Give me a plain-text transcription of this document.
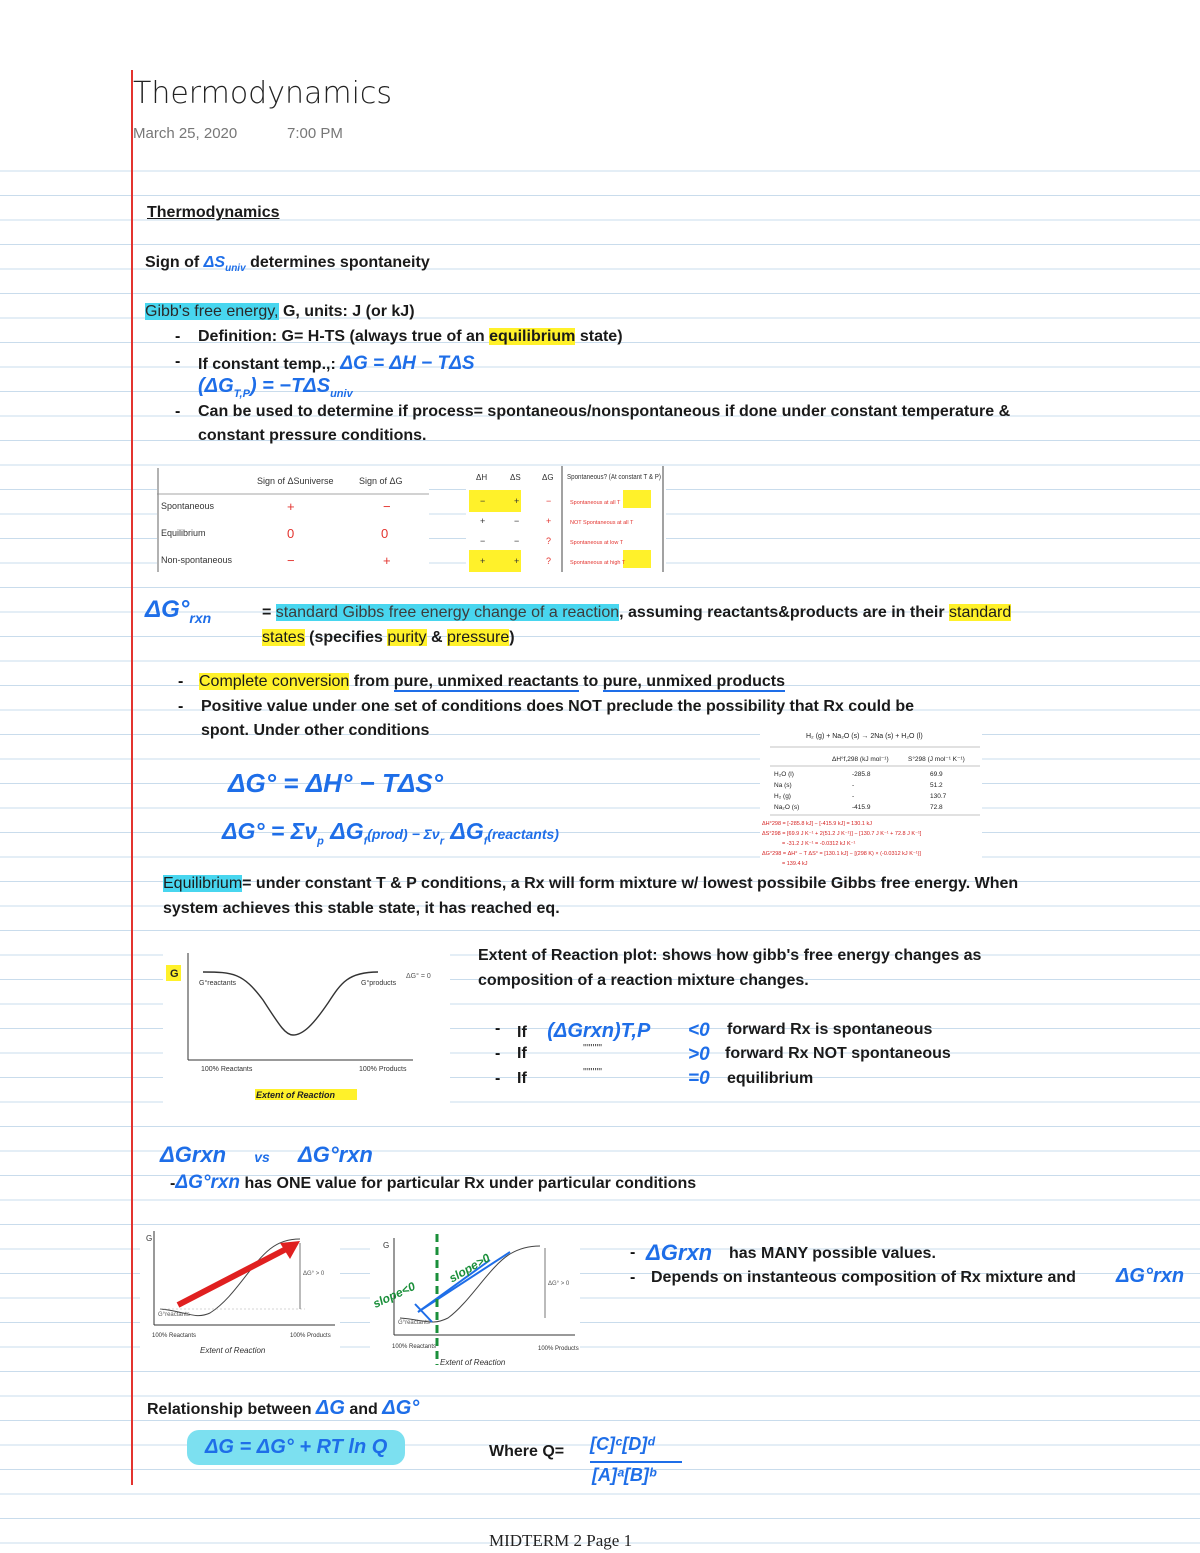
Thermodynamics
March 25, 2020	7:00 PM
Thermodynamics
Sign of $\Delta S_{univ}$ determines spontaneity
Gibb's free energy, G, units: J (or kJ)
- Definition: G= H-TS (always true of an equilibrium state)
- If constant temp.,: ΔG = ΔH − TΔS
$(\Delta G_{T,P}) = -T\Delta S_{univ}$
- Can be used to determine if process= spontaneous/nonspontaneous if done under constant temperature &
constant pressure conditions.
Sign of ΔSuniverse	Sign of ΔG
Spontaneous	+	−
Equilibrium	0	0
Non-spontaneous	−	+
ΔH	ΔS	ΔG Spontaneous? (At constant T & P)
−	+	−	Spontaneous at all T
+	−	+	NOT Spontaneous at all T
−	−	?	Spontaneous at low T
+	+	?	Spontaneous at high T
$\Delta G^\circ_{rxn}$	= standard Gibbs free energy change of a reaction, assuming reactants&products are in their standard
states (specifies purity & pressure)
- Complete conversion from pure, unmixed reactants to pure, unmixed products
- Positive value under one set of conditions does NOT preclude the possibility that Rx could be
spont. Under other conditions
ΔG° = ΔH° − TΔS°
$\Delta G^\circ = \Sigma\nu_p$ $\Delta G_f(prod) - \Sigma\nu_r$ $\Delta G_f(reactants)$
H₂ (g) + Na₂O (s) → 2Na (s) + H₂O (l)
ΔH°f,298 (kJ mol⁻¹)	S°298 (J mol⁻¹ K⁻¹)
H₂O (l)	-285.8	69.9
Na (s)	-	51.2
H₂ (g)	-	130.7
Na₂O (s)	-415.9	72.8
ΔH°298 = [-285.8 kJ] − [-415.9 kJ] = 130.1 kJ
ΔS°298 = [69.9 J K⁻¹ + 2(51.2 J K⁻¹)] − [130.7 J K⁻¹ + 72.8 J K⁻¹]
= -31.2 J K⁻¹ = -0.0312 kJ K⁻¹
ΔG°298 = ΔH° − T ΔS° = [130.1 kJ] − [(298 K) × (-0.0312 kJ K⁻¹)]
= 139.4 kJ
Equilibrium= under constant T & P conditions, a Rx will form mixture w/ lowest possibile Gibbs free energy. When
system achieves this stable state, it has reached eq.
G
G°reactants	G°products
ΔG° = 0
100% Reactants	100% Products
Extent of Reaction
Extent of Reaction plot: shows how gibb's free energy changes as
composition of a reaction mixture changes.
- If (ΔGrxn)T,P <0 forward Rx is spontaneous
- If	''''''''''	>0 forward Rx NOT spontaneous
- If	''''''''''	=0 equilibrium
ΔGrxn vs ΔG°rxn
-ΔG°rxn has ONE value for particular Rx under particular conditions
G
ΔG° > 0
G°reactants
100% Reactants	100% Products
Extent of Reaction
G
ΔG° > 0
G°reactants
slope<0
slope>0
100% Reactants	100% Products
Extent of Reaction
- ΔGrxn has MANY possible values.
- Depends on instanteous composition of Rx mixture and ΔG°rxn
Relationship between ΔG and ΔG°
ΔG = ΔG° + RT ln Q	Where Q= [C]ᶜ[D]ᵈ
[A]ᵃ[B]ᵇ
MIDTERM 2 Page 1
